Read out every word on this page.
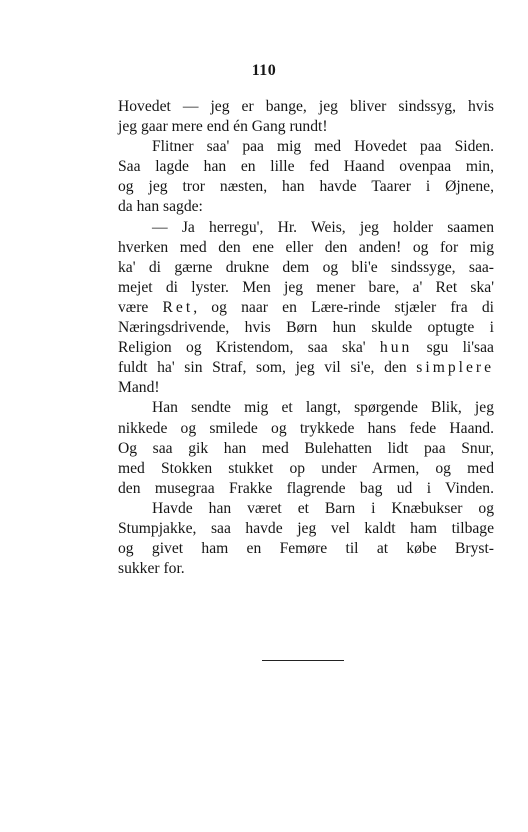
110
Hovedet — jeg er bange, jeg bliver sindssyg, hvis
jeg gaar mere end én Gang rundt!
Flitner saa' paa mig med Hovedet paa Siden.
Saa lagde han en lille fed Haand ovenpaa min,
og jeg tror næsten, han havde Taarer i Øjnene,
da han sagde:
— Ja herregu', Hr. Weis, jeg holder saamen
hverken med den ene eller den anden! og for mig
ka' di gærne drukne dem og bli'e sindssyge, saa-
mejet di lyster. Men jeg mener bare, a' Ret ska'
være Ret, og naar en Lære-rinde stjæler fra di
Næringsdrivende, hvis Børn hun skulde optugte i
Religion og Kristendom, saa ska' hun sgu li'saa
fuldt ha' sin Straf, som, jeg vil si'e, den simplere
Mand!
Han sendte mig et langt, spørgende Blik, jeg
nikkede og smilede og trykkede hans fede Haand.
Og saa gik han med Bulehatten lidt paa Snur,
med Stokken stukket op under Armen, og med
den musegraa Frakke flagrende bag ud i Vinden.
Havde han været et Barn i Knæbukser og
Stumpjakke, saa havde jeg vel kaldt ham tilbage
og givet ham en Femøre til at købe Bryst-
sukker for.
